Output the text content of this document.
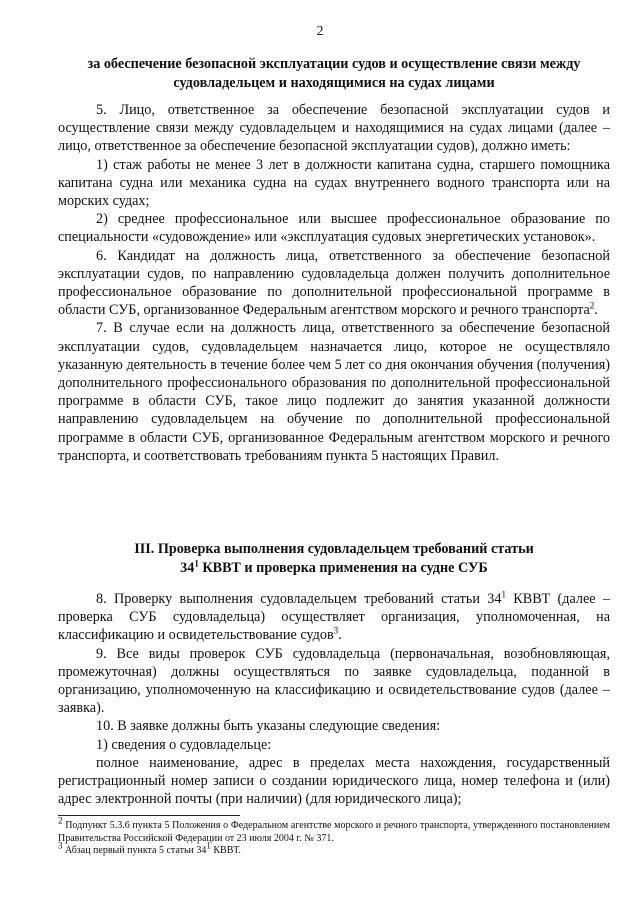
2
за обеспечение безопасной эксплуатации судов и осуществление связи между судовладельцем и находящимися на судах лицами

5. Лицо, ответственное за обеспечение безопасной эксплуатации судов и осуществление связи между судовладельцем и находящимися на судах лицами (далее – лицо, ответственное за обеспечение безопасной эксплуатации судов), должно иметь:

1) стаж работы не менее 3 лет в должности капитана судна, старшего помощника капитана судна или механика судна на судах внутреннего водного транспорта или на морских судах;

2) среднее профессиональное или высшее профессиональное образование по специальности «судовождение» или «эксплуатация судовых энергетических установок».

6. Кандидат на должность лица, ответственного за обеспечение безопасной эксплуатации судов, по направлению судовладельца должен получить дополнительное профессиональное образование по дополнительной профессиональной программе в области СУБ, организованное Федеральным агентством морского и речного транспорта$^2$.

7. В случае если на должность лица, ответственного за обеспечение безопасной эксплуатации судов, судовладельцем назначается лицо, которое не осуществляло указанную деятельность в течение более чем 5 лет со дня окончания обучения (получения) дополнительного профессионального образования по дополнительной профессиональной программе в области СУБ, такое лицо подлежит до занятия указанной должности направлению судовладельцем на обучение по дополнительной профессиональной программе в области СУБ, организованное Федеральным агентством морского и речного транспорта, и соответствовать требованиям пункта 5 настоящих Правил.

III. Проверка выполнения судовладельцем требований статьи
$34^1$ КВВТ и проверка применения на судне СУБ

8. Проверку выполнения судовладельцем требований статьи $34^1$ КВВТ (далее – проверка СУБ судовладельца) осуществляет организация, уполномоченная, на классификацию и освидетельствование судов$^3$.

9. Все виды проверок СУБ судовладельца (первоначальная, возобновляющая, промежуточная) должны осуществляться по заявке судовладельца, поданной в организацию, уполномоченную на классификацию и освидетельствование судов (далее – заявка).

10. В заявке должны быть указаны следующие сведения:

1) сведения о судовладельце:

полное наименование, адрес в пределах места нахождения, государственный регистрационный номер записи о создании юридического лица, номер телефона и (или) адрес электронной почты (при наличии) (для юридического лица);

$^2$ Подпункт 5.3.6 пункта 5 Положения о Федеральном агентстве морского и речного транспорта, утвержденного постановлением Правительства Российской Федерации от 23 июля 2004 г. № 371.

$^3$ Абзац первый пункта 5 статьи $34^1$ КВВТ.
